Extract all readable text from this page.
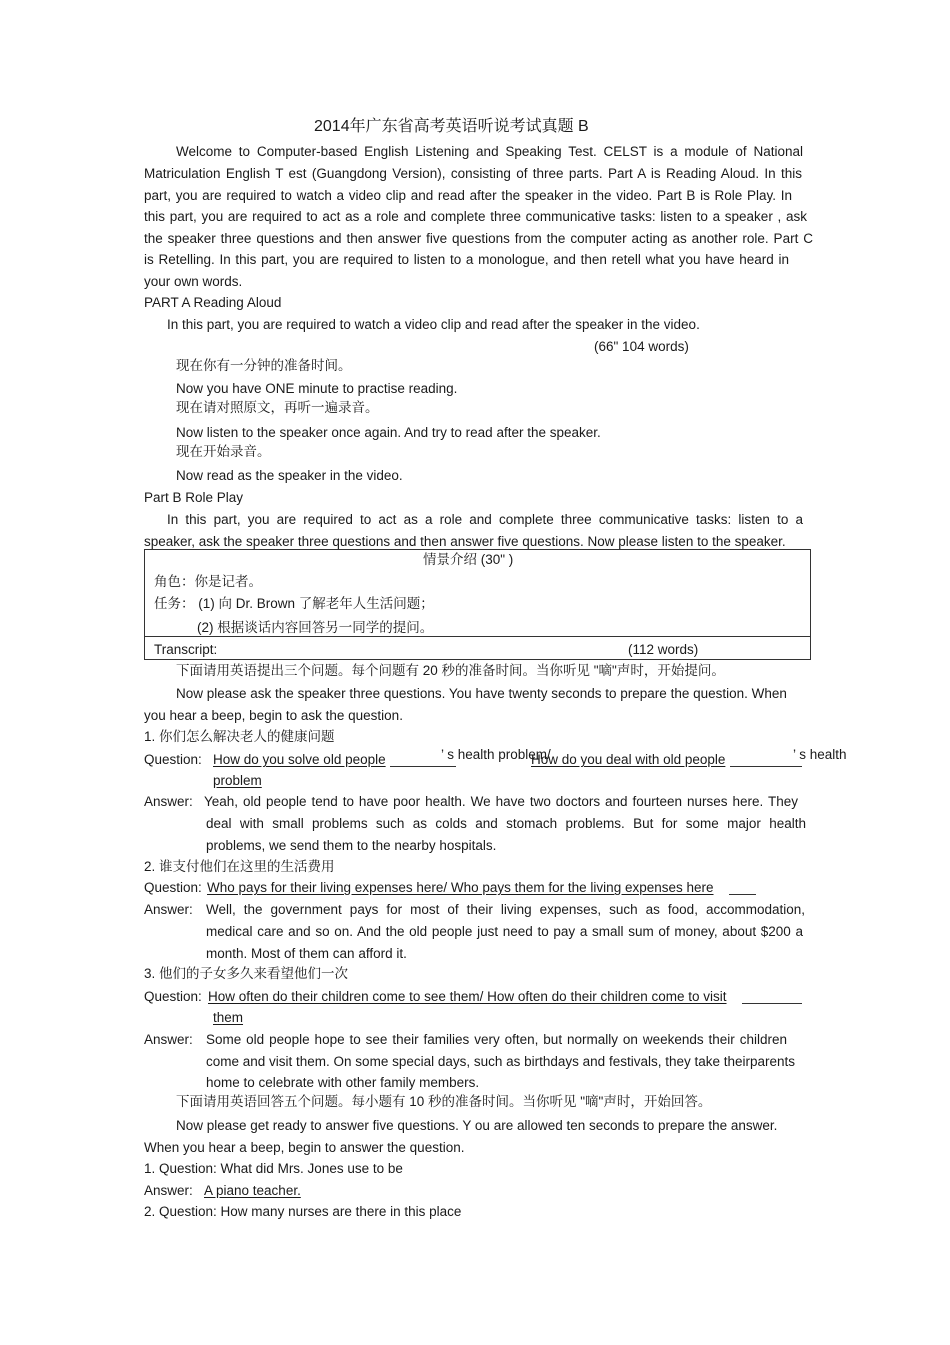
2014年广东省高考英语听说考试真题 B
Welcome to Computer-based English Listening and Speaking Test. CELST is a module of National
Matriculation English T est (Guangdong Version), consisting of three parts. Part A is Reading Aloud. In this
part, you are required to watch a video clip and read after the speaker in the video. Part B is Role Play. In
this part, you are required to act as a role and complete three communicative tasks: listen to a speaker , ask
the speaker three questions and then answer five questions from the computer acting as another role. Part C
is Retelling. In this part, you are required to listen to a monologue, and then retell what you have heard in
your own words.
PART A Reading Aloud
In this part, you are required to watch a video clip and read after the speaker in the video.
(66" 104 words)
现在你有一分钟的准备时间。
Now you have ONE minute to practise reading.
现在请对照原文，再听一遍录音。
Now listen to the speaker once again. And try to read after the speaker.
现在开始录音。
Now read as the speaker in the video.
Part B Role Play
In this part, you are required to act as a role and complete three communicative tasks: listen to a
speaker, ask the speaker three questions and then answer five questions. Now please listen to the speaker.
情景介绍 (30" )
角色：你是记者。
任务： (1) 向 Dr. Brown 了解老年人生活问题；
(2) 根据谈话内容回答另一同学的提问。
Transcript:	(112 words)
下面请用英语提出三个问题。每个问题有 20 秒的准备时间。当你听见 "嘀"声时，开始提问。
Now please ask the speaker three questions. You have twenty seconds to prepare the question. When
you hear a beep, begin to ask the question.
1. 你们怎么解决老人的健康问题
Question: How do you solve old people	’ s health problem/
How do you deal with old people	’ s health
problem
Answer: Yeah, old people tend to have poor health. We have two doctors and fourteen nurses here. They
deal with small problems such as colds and stomach problems. But for some major health
problems, we send them to the nearby hospitals.
2. 谁支付他们在这里的生活费用
Question: Who pays for their living expenses here/ Who pays them for the living expenses here
Answer: Well, the government pays for most of their living expenses, such as food, accommodation,
medical care and so on. And the old people just need to pay a small sum of money, about $200 a
month. Most of them can afford it.
3. 他们的子女多久来看望他们一次
Question: How often do their children come to see them/ How often do their children come to visit
them
Answer: Some old people hope to see their families very often, but normally on weekends their children
come and visit them. On some special days, such as birthdays and festivals, they take theirparents
home to celebrate with other family members.
下面请用英语回答五个问题。每小题有 10 秒的准备时间。当你听见 "嘀"声时，开始回答。
Now please get ready to answer five questions. Y ou are allowed ten seconds to prepare the answer.
When you hear a beep, begin to answer the question.
1. Question: What did Mrs. Jones use to be
Answer: A piano teacher.
2. Question: How many nurses are there in this place
